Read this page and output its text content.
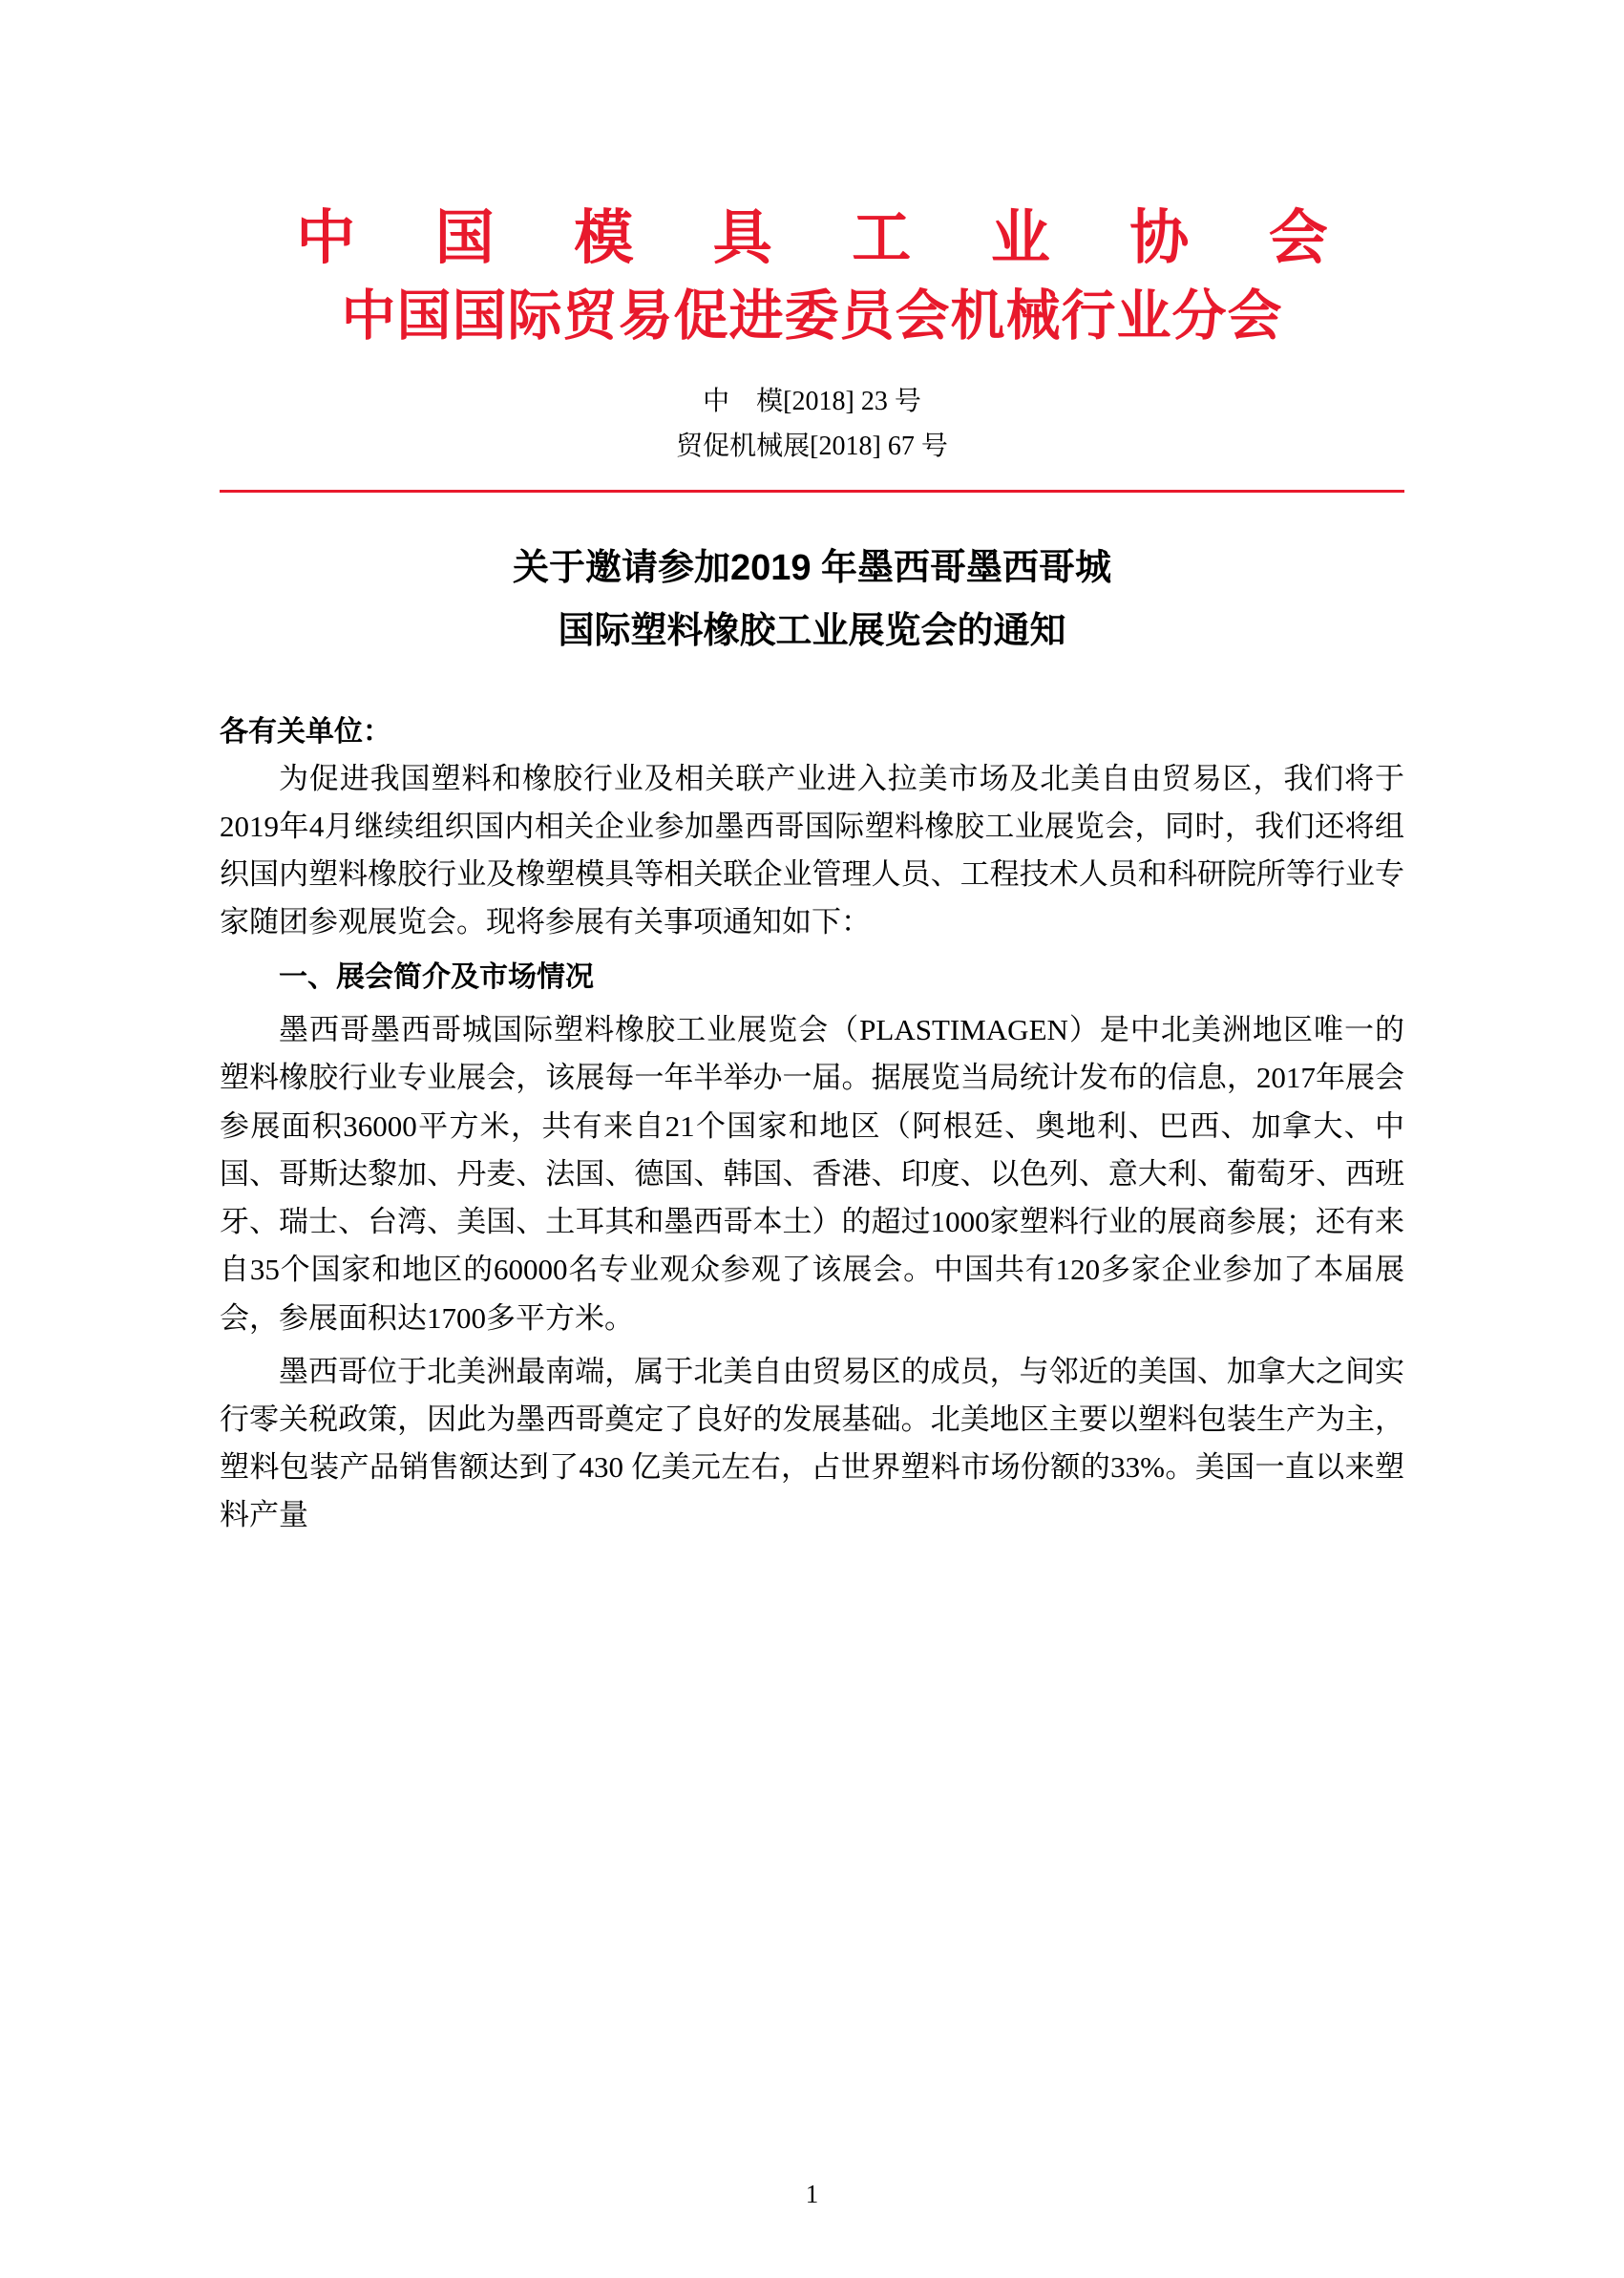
中 国 模 具 工 业 协 会
中国国际贸易促进委员会机械行业分会
中　模[2018] 23 号
贸促机械展[2018] 67 号
关于邀请参加2019 年墨西哥墨西哥城
国际塑料橡胶工业展览会的通知
各有关单位：

为促进我国塑料和橡胶行业及相关联产业进入拉美市场及北美自由贸易区，我们将于2019年4月继续组织国内相关企业参加墨西哥国际塑料橡胶工业展览会，同时，我们还将组织国内塑料橡胶行业及橡塑模具等相关联企业管理人员、工程技术人员和科研院所等行业专家随团参观展览会。现将参展有关事项通知如下：

一、展会简介及市场情况

墨西哥墨西哥城国际塑料橡胶工业展览会（PLASTIMAGEN）是中北美洲地区唯一的塑料橡胶行业专业展会，该展每一年半举办一届。据展览当局统计发布的信息，2017年展会参展面积36000平方米，共有来自21个国家和地区（阿根廷、奥地利、巴西、加拿大、中国、哥斯达黎加、丹麦、法国、德国、韩国、香港、印度、以色列、意大利、葡萄牙、西班牙、瑞士、台湾、美国、土耳其和墨西哥本土）的超过1000家塑料行业的展商参展；还有来自35个国家和地区的60000名专业观众参观了该展会。中国共有120多家企业参加了本届展会，参展面积达1700多平方米。

墨西哥位于北美洲最南端，属于北美自由贸易区的成员，与邻近的美国、加拿大之间实行零关税政策，因此为墨西哥奠定了良好的发展基础。北美地区主要以塑料包装生产为主，塑料包装产品销售额达到了430 亿美元左右，占世界塑料市场份额的33%。美国一直以来塑料产量

1
